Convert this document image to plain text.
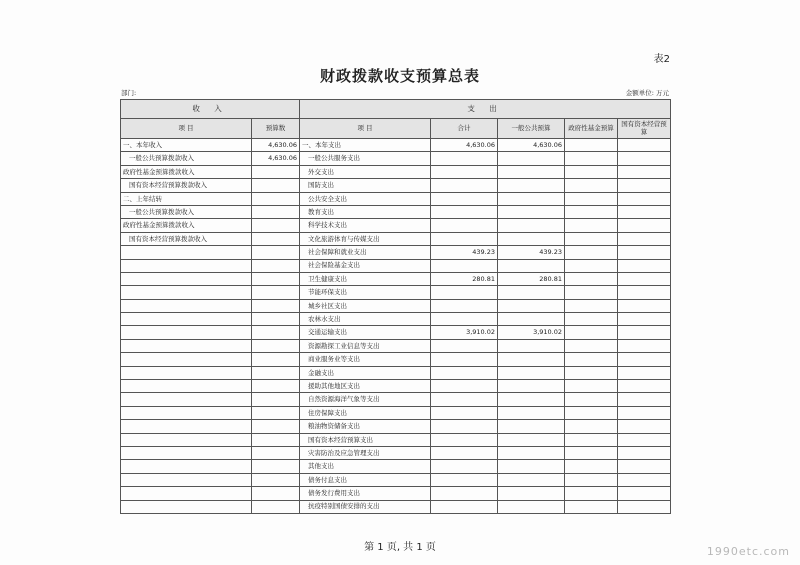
表2
财政拨款收支预算总表
部门:	金额单位: 万元
收 入		支 出				
项 目	预算数	项 目	合计	一般公共预算	政府性基金预算	国有资本经营预算
一、本年收入	4,630.06	一、本年支出	4,630.06	4,630.06		
一般公共预算拨款收入	4,630.06	一般公共服务支出				
政府性基金预算拨款收入		外交支出				
国有资本经营预算拨款收入		国防支出				
二、上年结转		公共安全支出				
一般公共预算拨款收入		教育支出				
政府性基金预算拨款收入		科学技术支出				
国有资本经营预算拨款收入		文化旅游体育与传媒支出				
		社会保障和就业支出	439.23	439.23		
		社会保险基金支出				
		卫生健康支出	280.81	280.81		
		节能环保支出				
		城乡社区支出				
		农林水支出				
		交通运输支出	3,910.02	3,910.02		
		资源勘探工业信息等支出				
		商业服务业等支出				
		金融支出				
		援助其他地区支出				
		自然资源海洋气象等支出				
		住房保障支出				
		粮油物资储备支出				
		国有资本经营预算支出				
		灾害防治及应急管理支出				
		其他支出				
		债务付息支出				
		债务发行费用支出				
		抗疫特别国债安排的支出				
第 1 页, 共 1 页	1990etc.com
